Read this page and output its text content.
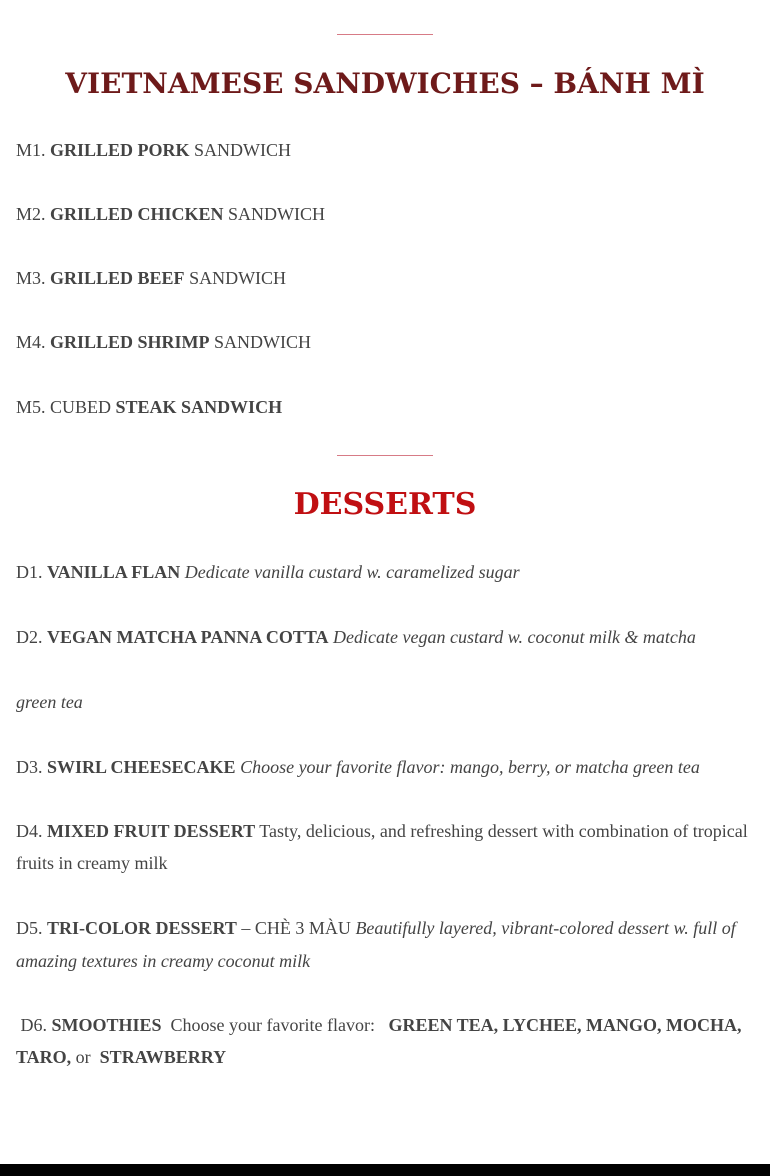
VIETNAMESE SANDWICHES – BÁNH MÌ
M1. GRILLED PORK SANDWICH
M2. GRILLED CHICKEN SANDWICH
M3. GRILLED BEEF SANDWICH
M4. GRILLED SHRIMP SANDWICH
M5. CUBED STEAK SANDWICH
DESSERTS
D1. VANILLA FLAN Dedicate vanilla custard w. caramelized sugar
D2. VEGAN MATCHA PANNA COTTA Dedicate vegan custard w. coconut milk & matcha
green tea
D3. SWIRL CHEESECAKE Choose your favorite flavor: mango, berry, or matcha green tea
D4. MIXED FRUIT DESSERT Tasty, delicious, and refreshing dessert with combination of tropical fruits in creamy milk
D5. TRI-COLOR DESSERT – CHÈ 3 MÀU Beautifully layered, vibrant-colored dessert w. full of amazing textures in creamy coconut milk
D6. SMOOTHIES Choose your favorite flavor: GREEN TEA, LYCHEE, MANGO, MOCHA, TARO, or STRAWBERRY
